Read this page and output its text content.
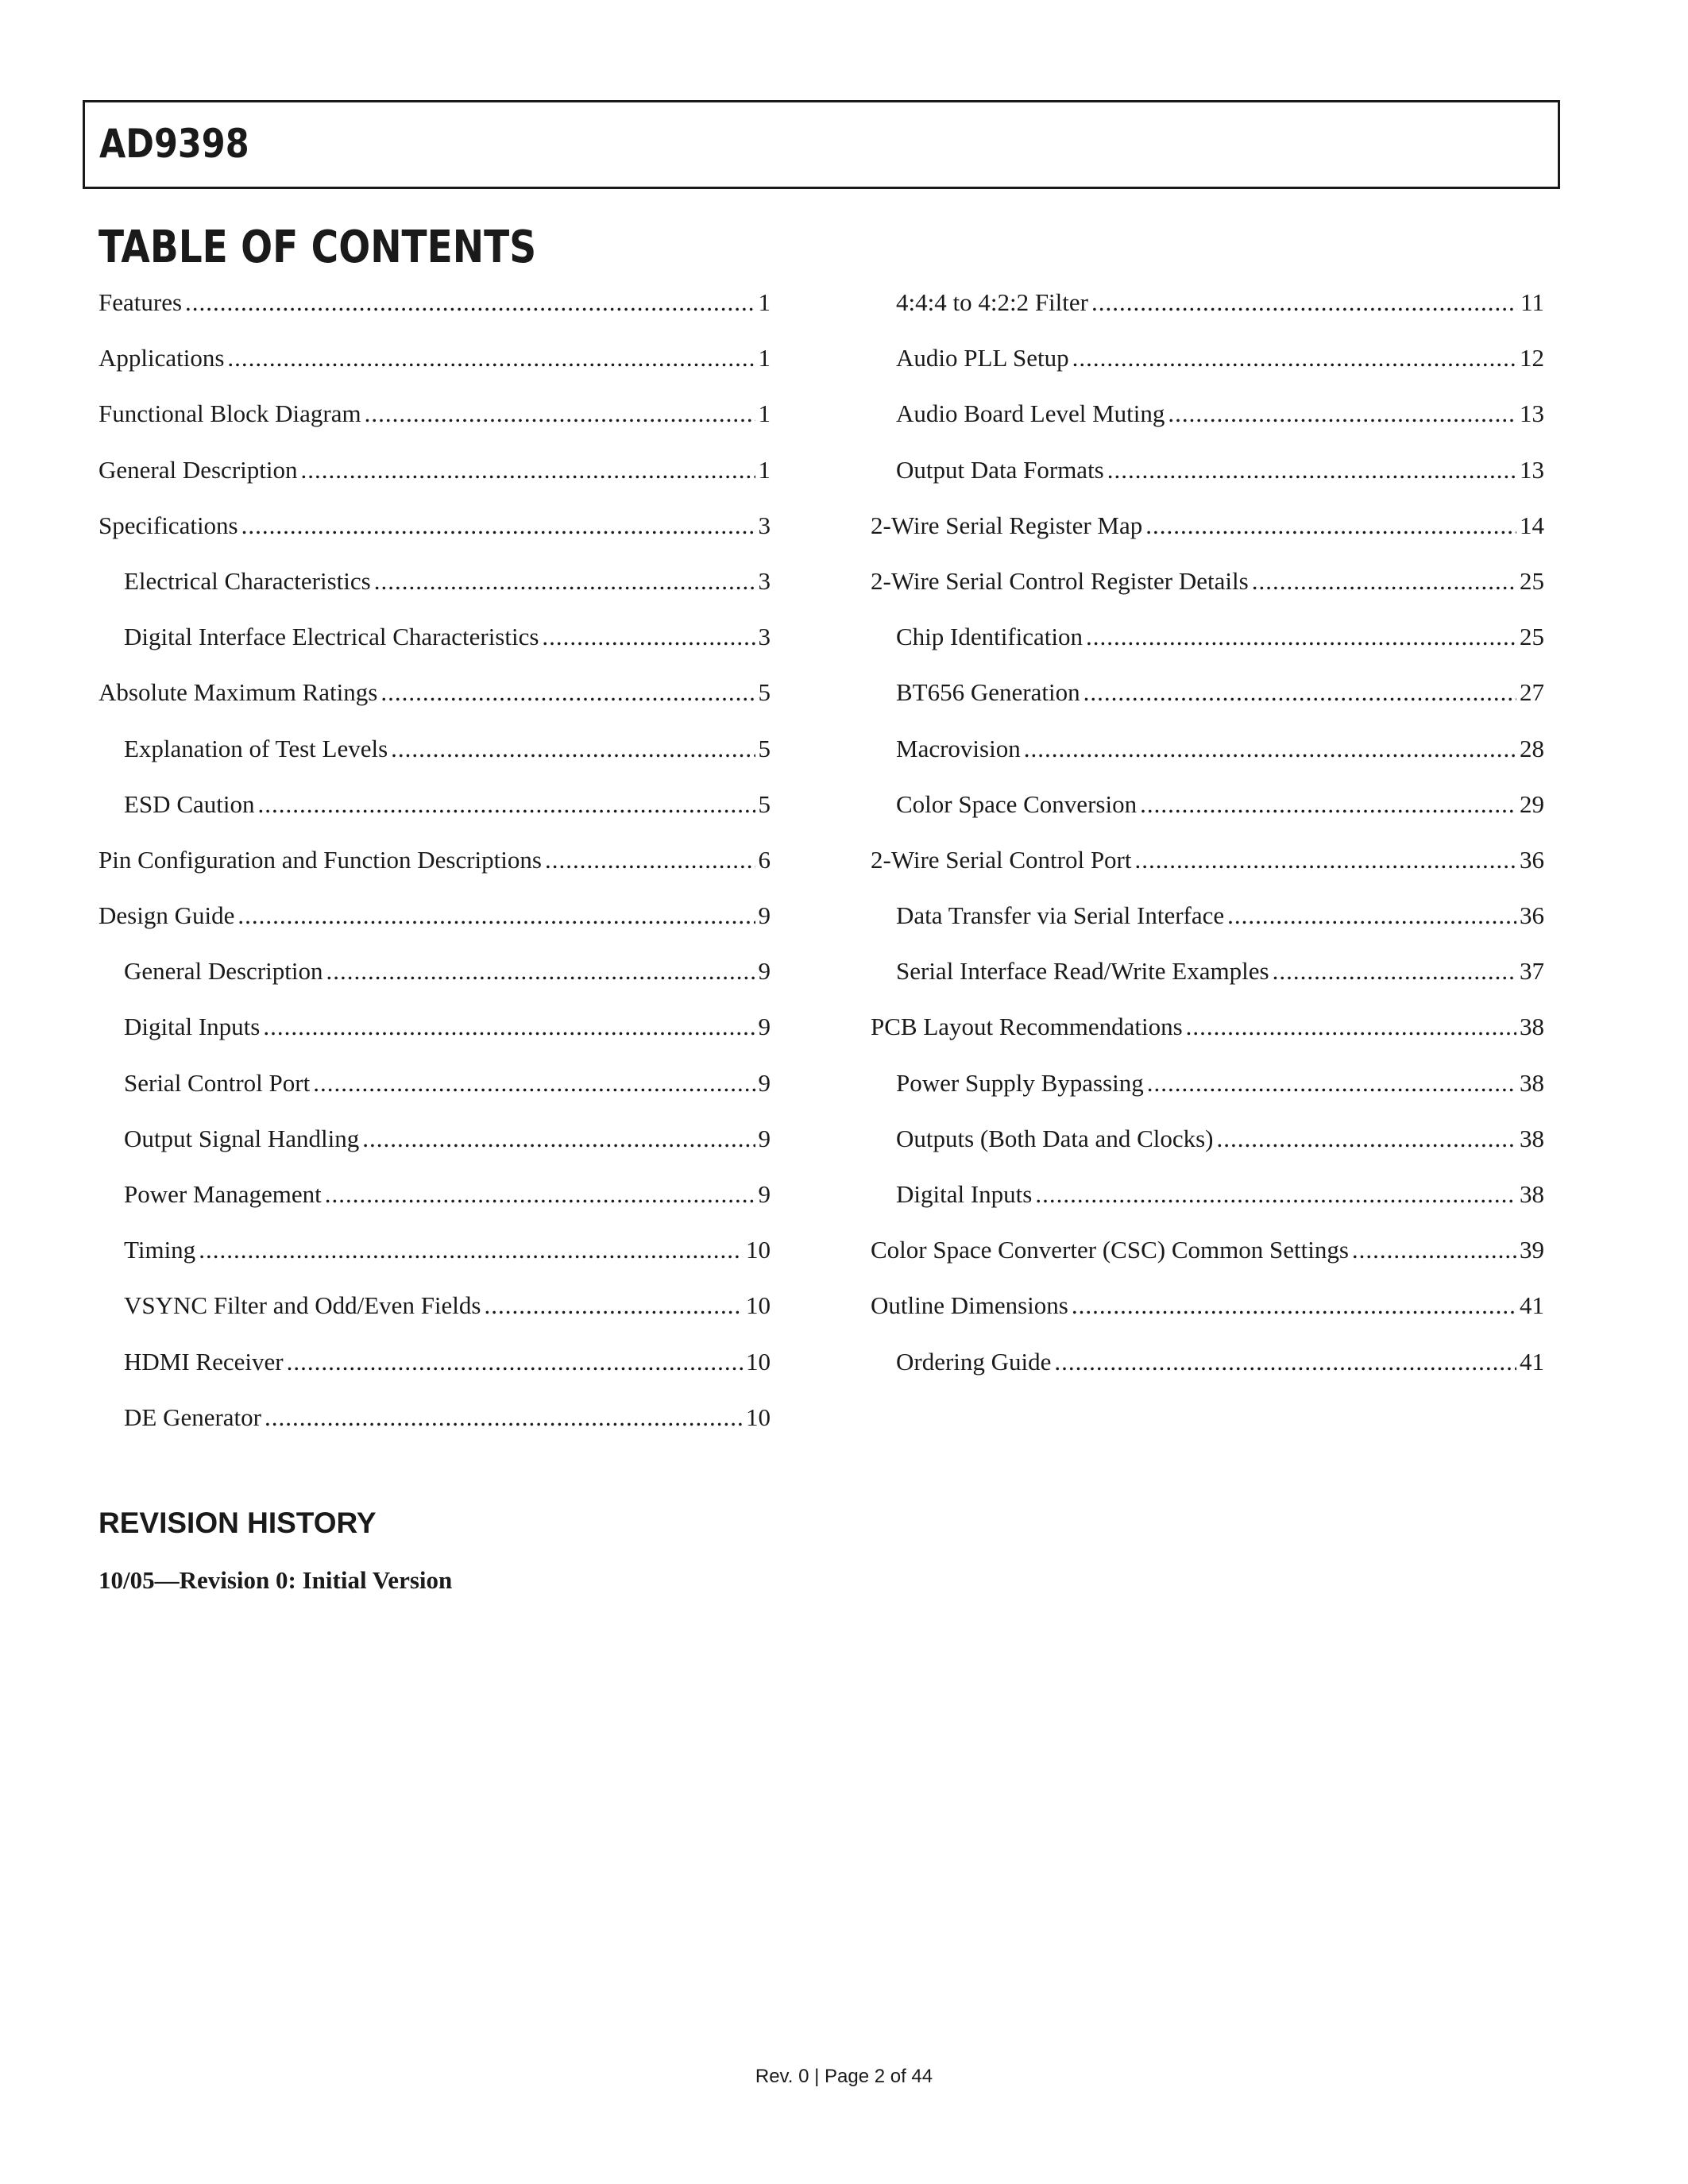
AD9398
TABLE OF CONTENTS
Features .....	1
Applications .....	1
Functional Block Diagram .....	1
General Description .....	1
Specifications .....	3
Electrical Characteristics .....	3
Digital Interface Electrical Characteristics .....	3
Absolute Maximum Ratings .....	5
Explanation of Test Levels .....	5
ESD Caution .....	5
Pin Configuration and Function Descriptions .....	6
Design Guide .....	9
General Description .....	9
Digital Inputs .....	9
Serial Control Port .....	9
Output Signal Handling .....	9
Power Management .....	9
Timing .....	10
VSYNC Filter and Odd/Even Fields .....	10
HDMI Receiver .....	10
DE Generator .....	10
4:4:4 to 4:2:2 Filter .....	11
Audio PLL Setup .....	12
Audio Board Level Muting .....	13
Output Data Formats .....	13
2-Wire Serial Register Map .....	14
2-Wire Serial Control Register Details .....	25
Chip Identification .....	25
BT656 Generation .....	27
Macrovision .....	28
Color Space Conversion .....	29
2-Wire Serial Control Port .....	36
Data Transfer via Serial Interface .....	36
Serial Interface Read/Write Examples .....	37
PCB Layout Recommendations .....	38
Power Supply Bypassing .....	38
Outputs (Both Data and Clocks) .....	38
Digital Inputs .....	38
Color Space Converter (CSC) Common Settings .....	39
Outline Dimensions .....	41
Ordering Guide .....	41
REVISION HISTORY

10/05—Revision 0: Initial Version

Rev. 0 | Page 2 of 44
